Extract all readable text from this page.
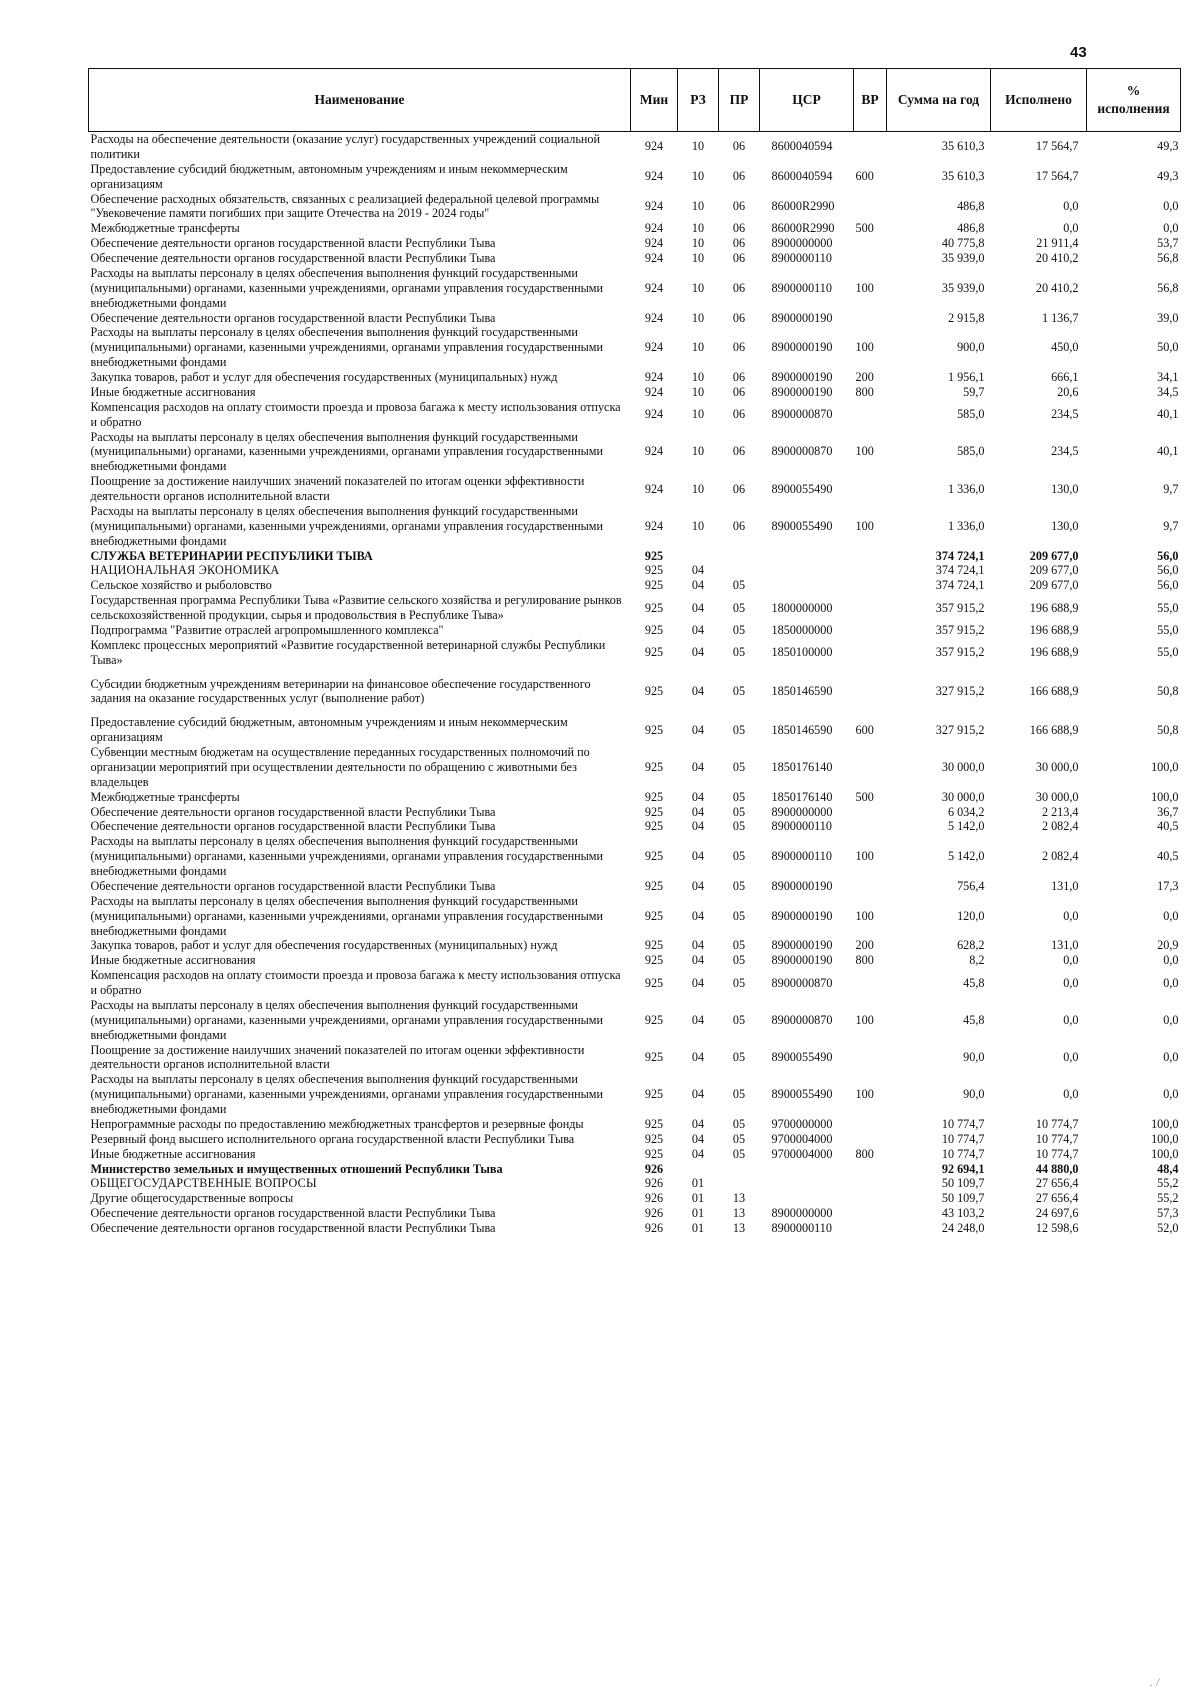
43
Наименование	Мин	РЗ	ПР	ЦСР	ВР	Сумма на год	Исполнено	% исполнения
Расходы на обеспечение деятельности (оказание услуг) государственных учреждений социальной политики	924	10	06	8600040594		35 610,3	17 564,7	49,3
Предоставление субсидий бюджетным, автономным учреждениям и иным некоммерческим организациям	924	10	06	8600040594	600	35 610,3	17 564,7	49,3
Обеспечение расходных обязательств, связанных с реализацией федеральной целевой программы "Увековечение памяти погибших при защите Отечества на 2019 - 2024 годы"	924	10	06	86000R2990		486,8	0,0	0,0
Межбюджетные трансферты	924	10	06	86000R2990	500	486,8	0,0	0,0
Обеспечение деятельности органов государственной власти Республики Тыва	924	10	06	8900000000		40 775,8	21 911,4	53,7
Обеспечение деятельности органов государственной власти Республики Тыва	924	10	06	8900000110		35 939,0	20 410,2	56,8
Расходы на выплаты персоналу в целях обеспечения выполнения функций государственными (муниципальными) органами, казенными учреждениями, органами управления государственными внебюджетными фондами	924	10	06	8900000110	100	35 939,0	20 410,2	56,8
Обеспечение деятельности органов государственной власти Республики Тыва	924	10	06	8900000190		2 915,8	1 136,7	39,0
Расходы на выплаты персоналу в целях обеспечения выполнения функций государственными (муниципальными) органами, казенными учреждениями, органами управления государственными внебюджетными фондами	924	10	06	8900000190	100	900,0	450,0	50,0
Закупка товаров, работ и услуг для обеспечения государственных (муниципальных) нужд	924	10	06	8900000190	200	1 956,1	666,1	34,1
Иные бюджетные ассигнования	924	10	06	8900000190	800	59,7	20,6	34,5
Компенсация расходов на оплату стоимости проезда и провоза багажа к месту использования отпуска и обратно	924	10	06	8900000870		585,0	234,5	40,1
Расходы на выплаты персоналу в целях обеспечения выполнения функций государственными (муниципальными) органами, казенными учреждениями, органами управления государственными внебюджетными фондами	924	10	06	8900000870	100	585,0	234,5	40,1
Поощрение за достижение наилучших значений показателей по итогам оценки эффективности деятельности органов исполнительной власти	924	10	06	8900055490		1 336,0	130,0	9,7
Расходы на выплаты персоналу в целях обеспечения выполнения функций государственными (муниципальными) органами, казенными учреждениями, органами управления государственными внебюджетными фондами	924	10	06	8900055490	100	1 336,0	130,0	9,7
СЛУЖБА ВЕТЕРИНАРИИ РЕСПУБЛИКИ ТЫВА	925					374 724,1	209 677,0	56,0
НАЦИОНАЛЬНАЯ ЭКОНОМИКА	925	04				374 724,1	209 677,0	56,0
Сельское хозяйство и рыболовство	925	04	05			374 724,1	209 677,0	56,0
Государственная программа Республики Тыва «Развитие сельского хозяйства и регулирование рынков сельскохозяйственной продукции, сырья и продовольствия в Республике Тыва»	925	04	05	1800000000		357 915,2	196 688,9	55,0
Подпрограмма "Развитие отраслей агропромышленного комплекса"	925	04	05	1850000000		357 915,2	196 688,9	55,0
Комплекс процессных мероприятий «Развитие государственной ветеринарной службы Республики Тыва»	925	04	05	1850100000		357 915,2	196 688,9	55,0
Субсидии бюджетным учреждениям ветеринарии на финансовое обеспечение государственного задания на оказание государственных услуг (выполнение работ)	925	04	05	1850146590		327 915,2	166 688,9	50,8
Предоставление субсидий бюджетным, автономным учреждениям и иным некоммерческим организациям	925	04	05	1850146590	600	327 915,2	166 688,9	50,8
Субвенции местным бюджетам на осуществление переданных государственных полномочий по организации мероприятий при осуществлении деятельности по обращению с животными без владельцев	925	04	05	1850176140		30 000,0	30 000,0	100,0
Межбюджетные трансферты	925	04	05	1850176140	500	30 000,0	30 000,0	100,0
Обеспечение деятельности органов государственной власти Республики Тыва	925	04	05	8900000000		6 034,2	2 213,4	36,7
Обеспечение деятельности органов государственной власти Республики Тыва	925	04	05	8900000110		5 142,0	2 082,4	40,5
Расходы на выплаты персоналу в целях обеспечения выполнения функций государственными (муниципальными) органами, казенными учреждениями, органами управления государственными внебюджетными фондами	925	04	05	8900000110	100	5 142,0	2 082,4	40,5
Обеспечение деятельности органов государственной власти Республики Тыва	925	04	05	8900000190		756,4	131,0	17,3
Расходы на выплаты персоналу в целях обеспечения выполнения функций государственными (муниципальными) органами, казенными учреждениями, органами управления государственными внебюджетными фондами	925	04	05	8900000190	100	120,0	0,0	0,0
Закупка товаров, работ и услуг для обеспечения государственных (муниципальных) нужд	925	04	05	8900000190	200	628,2	131,0	20,9
Иные бюджетные ассигнования	925	04	05	8900000190	800	8,2	0,0	0,0
Компенсация расходов на оплату стоимости проезда и провоза багажа к месту использования отпуска и обратно	925	04	05	8900000870		45,8	0,0	0,0
Расходы на выплаты персоналу в целях обеспечения выполнения функций государственными (муниципальными) органами, казенными учреждениями, органами управления государственными внебюджетными фондами	925	04	05	8900000870	100	45,8	0,0	0,0
Поощрение за достижение наилучших значений показателей по итогам оценки эффективности деятельности органов исполнительной власти	925	04	05	8900055490		90,0	0,0	0,0
Расходы на выплаты персоналу в целях обеспечения выполнения функций государственными (муниципальными) органами, казенными учреждениями, органами управления государственными внебюджетными фондами	925	04	05	8900055490	100	90,0	0,0	0,0
Непрограммные расходы по предоставлению межбюджетных трансфертов и резервные фонды	925	04	05	9700000000		10 774,7	10 774,7	100,0
Резервный фонд высшего исполнительного органа государственной власти Республики Тыва	925	04	05	9700004000		10 774,7	10 774,7	100,0
Иные бюджетные ассигнования	925	04	05	9700004000	800	10 774,7	10 774,7	100,0
Министерство земельных и имущественных отношений Республики Тыва	926					92 694,1	44 880,0	48,4
ОБЩЕГОСУДАРСТВЕННЫЕ ВОПРОСЫ	926	01				50 109,7	27 656,4	55,2
Другие общегосударственные вопросы	926	01	13			50 109,7	27 656,4	55,2
Обеспечение деятельности органов государственной власти Республики Тыва	926	01	13	8900000000		43 103,2	24 697,6	57,3
Обеспечение деятельности органов государственной власти Республики Тыва	926	01	13	8900000110		24 248,0	12 598,6	52,0
. /
